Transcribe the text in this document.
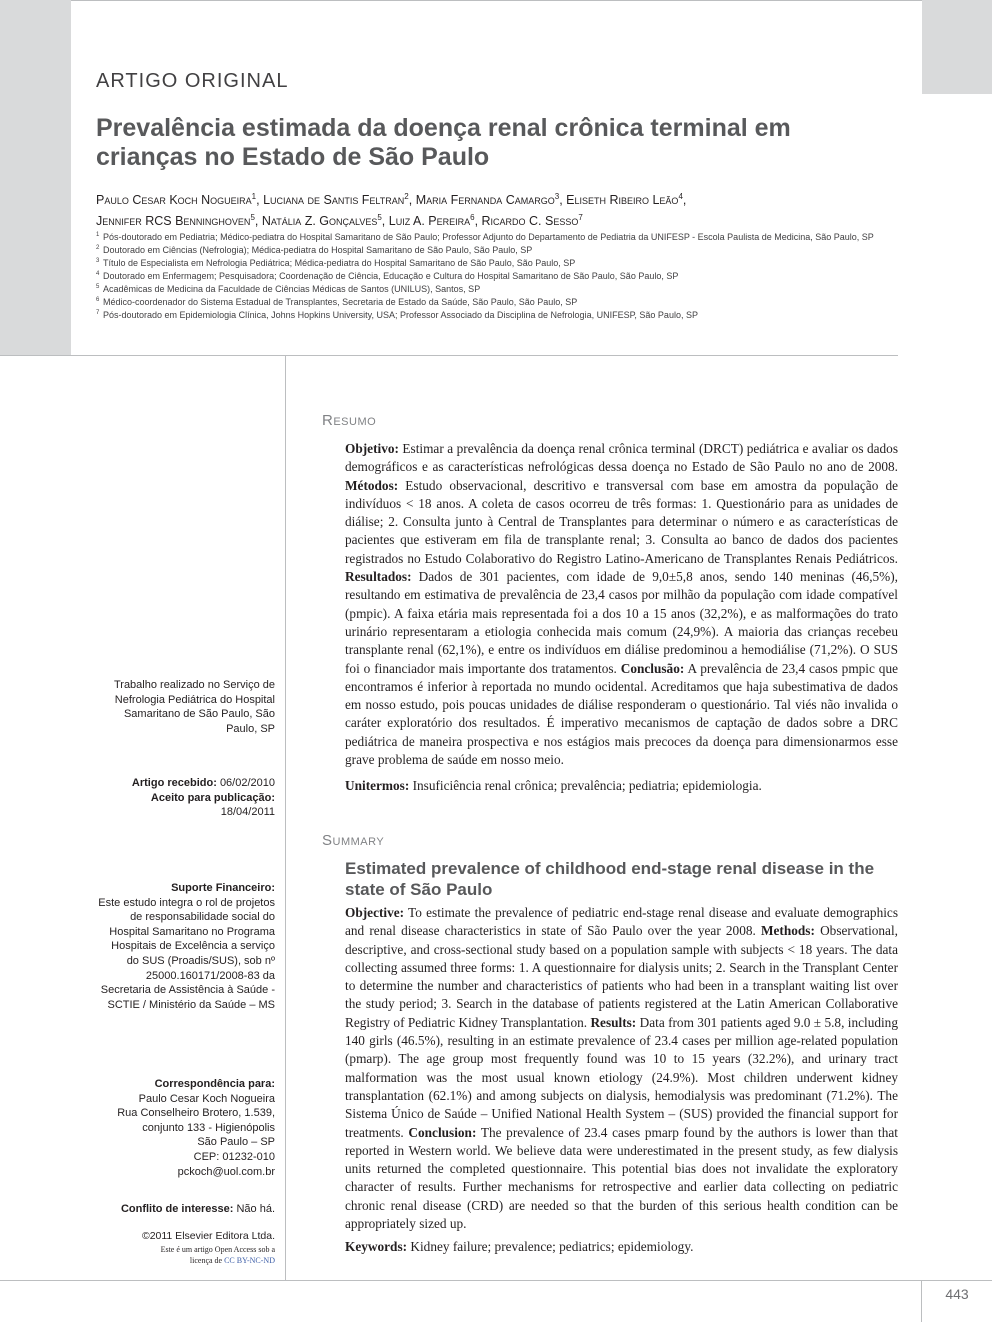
ARTIGO ORIGINAL
Prevalência estimada da doença renal crônica terminal em crianças no Estado de São Paulo
Paulo Cesar Koch Nogueira$^1$, Luciana de Santis Feltran$^2$, Maria Fernanda Camargo$^3$, Eliseth Ribeiro Leão$^4$,
Jennifer RCS Benninghoven$^5$, Natália Z. Gonçalves$^5$, Luiz A. Pereira$^6$, Ricardo C. Sesso$^7$
1 Pós-doutorado em Pediatria; Médico-pediatra do Hospital Samaritano de São Paulo; Professor Adjunto do Departamento de Pediatria da UNIFESP - Escola Paulista de Medicina, São Paulo, SP
2 Doutorado em Ciências (Nefrologia); Médica-pediatra do Hospital Samaritano de São Paulo, São Paulo, SP
3 Título de Especialista em Nefrologia Pediátrica; Médica-pediatra do Hospital Samaritano de São Paulo, São Paulo, SP
4 Doutorado em Enfermagem; Pesquisadora; Coordenação de Ciência, Educação e Cultura do Hospital Samaritano de São Paulo, São Paulo, SP
5 Acadêmicas de Medicina da Faculdade de Ciências Médicas de Santos (UNILUS), Santos, SP
6 Médico-coordenador do Sistema Estadual de Transplantes, Secretaria de Estado da Saúde, São Paulo, São Paulo, SP
7 Pós-doutorado em Epidemiologia Clínica, Johns Hopkins University, USA; Professor Associado da Disciplina de Nefrologia, UNIFESP, São Paulo, SP
Trabalho realizado no Serviço de Nefrologia Pediátrica do Hospital Samaritano de São Paulo, São Paulo, SP
Artigo recebido: 06/02/2010
Aceito para publicação: 18/04/2011
Suporte Financeiro:
Este estudo integra o rol de projetos de responsabilidade social do Hospital Samaritano no Programa Hospitais de Excelência a serviço do SUS (Proadis/SUS), sob nº 25000.160171/2008-83 da Secretaria de Assistência à Saúde - SCTIE / Ministério da Saúde – MS
Correspondência para:
Paulo Cesar Koch Nogueira
Rua Conselheiro Brotero, 1.539,
conjunto 133 - Higienópolis
São Paulo – SP
CEP: 01232-010
pckoch@uol.com.br
Conflito de interesse: Não há.
©2011 Elsevier Editora Ltda.
Este é um artigo Open Access sob a
licença de CC BY-NC-ND
Resumo
Objetivo: Estimar a prevalência da doença renal crônica terminal (DRCT) pediátrica e avaliar os dados demográficos e as características nefrológicas dessa doença no Estado de São Paulo no ano de 2008. Métodos: Estudo observacional, descritivo e transversal com base em amostra da população de indivíduos < 18 anos. A coleta de casos ocorreu de três formas: 1. Questionário para as unidades de diálise; 2. Consulta junto à Central de Transplantes para determinar o número e as características de pacientes que estiveram em fila de transplante renal; 3. Consulta ao banco de dados dos pacientes registrados no Estudo Colaborativo do Registro Latino-Americano de Transplantes Renais Pediátricos. Resultados: Dados de 301 pacientes, com idade de 9,0±5,8 anos, sendo 140 meninas (46,5%), resultando em estimativa de prevalência de 23,4 casos por milhão da população com idade compatível (pmpic). A faixa etária mais representada foi a dos 10 a 15 anos (32,2%), e as malformações do trato urinário representaram a etiologia conhecida mais comum (24,9%). A maioria das crianças recebeu transplante renal (62,1%), e entre os indivíduos em diálise predominou a hemodiálise (71,2%). O SUS foi o financiador mais importante dos tratamentos. Conclusão: A prevalência de 23,4 casos pmpic que encontramos é inferior à reportada no mundo ocidental. Acreditamos que haja subestimativa de dados em nosso estudo, pois poucas unidades de diálise responderam o questionário. Tal viés não invalida o caráter exploratório dos resultados. É imperativo mecanismos de captação de dados sobre a DRC pediátrica de maneira prospectiva e nos estágios mais precoces da doença para dimensionarmos esse grave problema de saúde em nosso meio.
Unitermos: Insuficiência renal crônica; prevalência; pediatria; epidemiologia.
Summary
Estimated prevalence of childhood end-stage renal disease in the state of São Paulo
Objective: To estimate the prevalence of pediatric end-stage renal disease and evaluate demographics and renal disease characteristics in state of São Paulo over the year 2008. Methods: Observational, descriptive, and cross-sectional study based on a population sample with subjects < 18 years. The data collecting assumed three forms: 1. A questionnaire for dialysis units; 2. Search in the Transplant Center to determine the number and characteristics of patients who had been in a transplant waiting list over the study period; 3. Search in the database of patients registered at the Latin American Collaborative Registry of Pediatric Kidney Transplantation. Results: Data from 301 patients aged 9.0 ± 5.8, including 140 girls (46.5%), resulting in an estimate prevalence of 23.4 cases per million age-related population (pmarp). The age group most frequently found was 10 to 15 years (32.2%), and urinary tract malformation was the most usual known etiology (24.9%). Most children underwent kidney transplantation (62.1%) and among subjects on dialysis, hemodialysis was predominant (71.2%). The Sistema Único de Saúde – Unified National Health System – (SUS) provided the financial support for treatments. Conclusion: The prevalence of 23.4 cases pmarp found by the authors is lower than that reported in Western world. We believe data were underestimated in the present study, as few dialysis units returned the completed questionnaire. This potential bias does not invalidate the exploratory character of results. Further mechanisms for retrospective and earlier data collecting on pediatric chronic renal disease (CRD) are needed so that the burden of this serious health condition can be appropriately sized up.
Keywords: Kidney failure; prevalence; pediatrics; epidemiology.
443
